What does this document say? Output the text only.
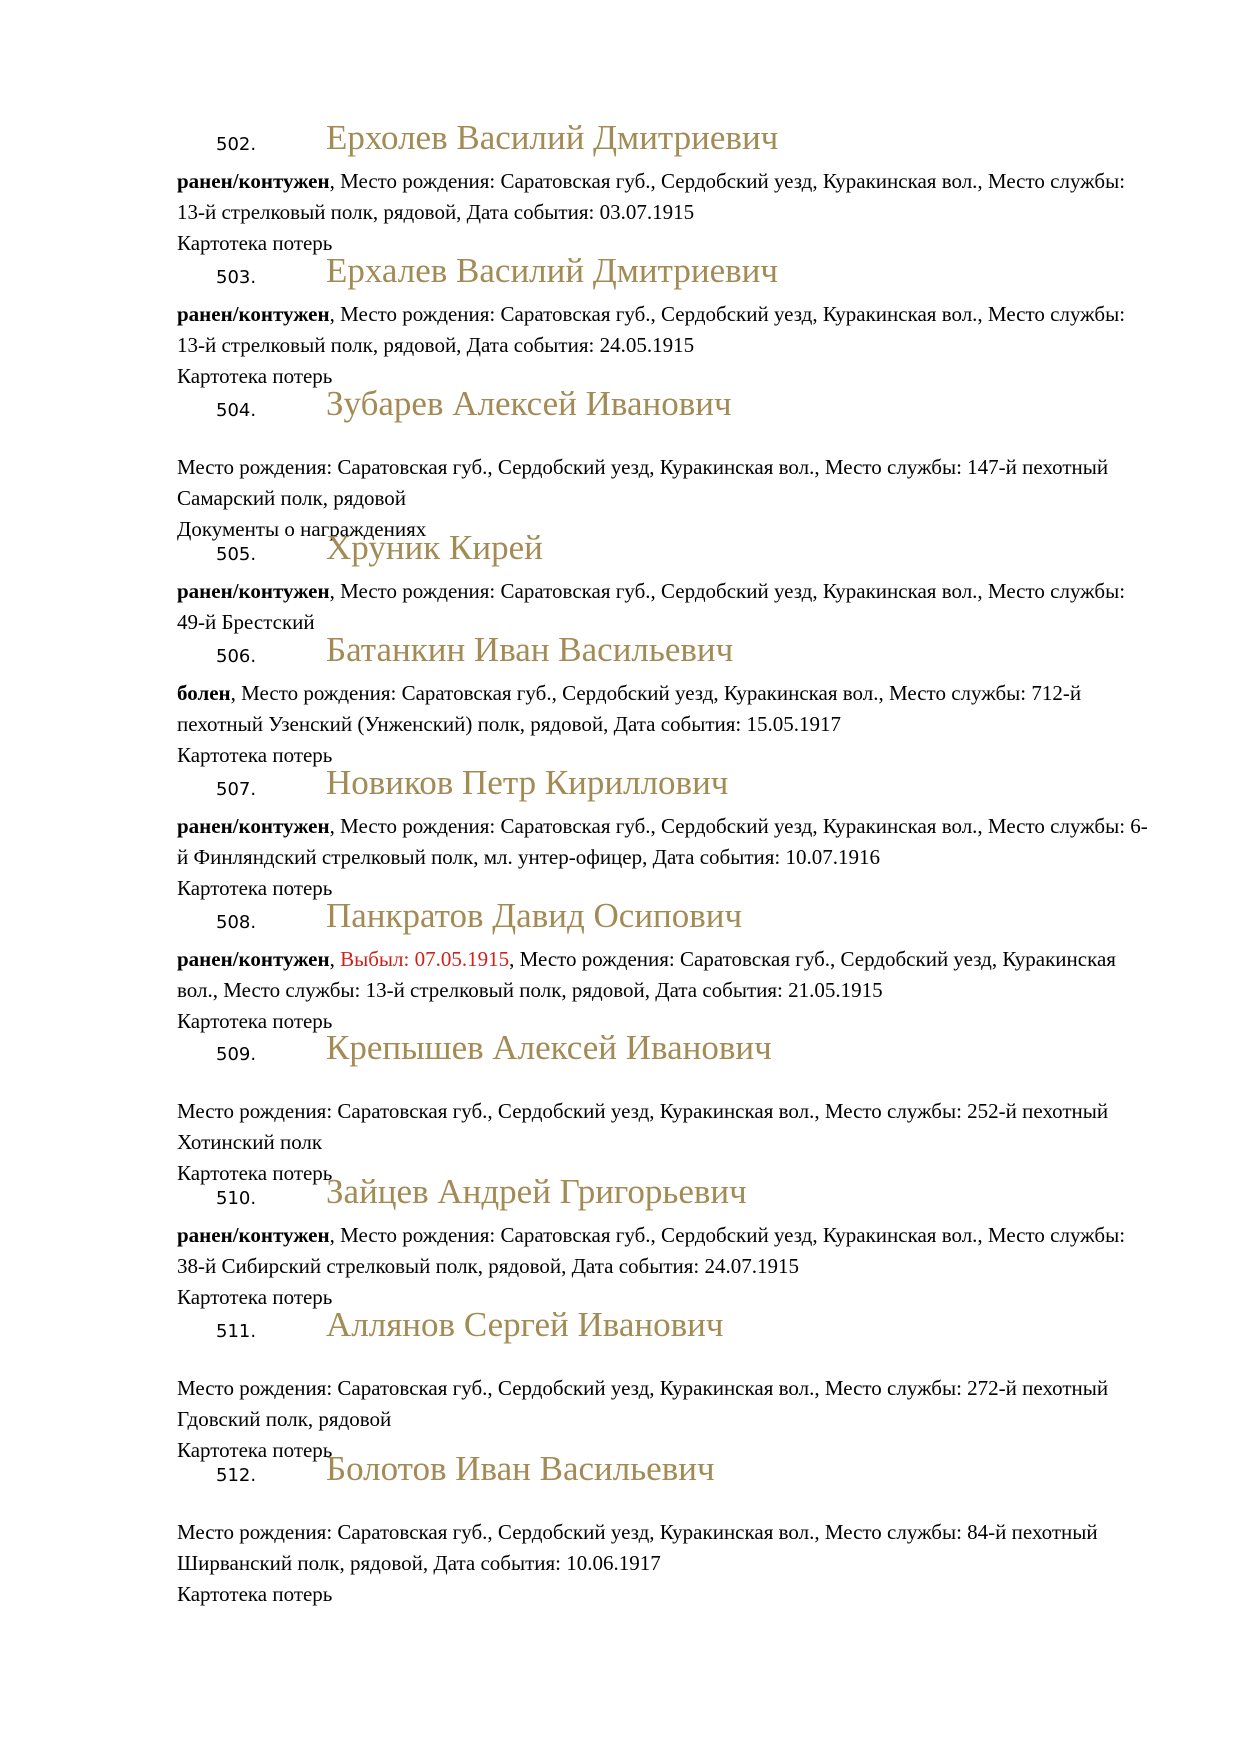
502. Ерхолев Василий Дмитриевич
ранен/контужен, Место рождения: Саратовская губ., Сердобский уезд, Куракинская вол., Место службы: 13-й стрелковый полк, рядовой, Дата события: 03.07.1915
Картотека потерь
503. Ерхалев Василий Дмитриевич
ранен/контужен, Место рождения: Саратовская губ., Сердобский уезд, Куракинская вол., Место службы: 13-й стрелковый полк, рядовой, Дата события: 24.05.1915
Картотека потерь
504. Зубарев Алексей Иванович
Место рождения: Саратовская губ., Сердобский уезд, Куракинская вол., Место службы: 147-й пехотный Самарский полк, рядовой
Документы о награждениях
505. Хруник Кирей
ранен/контужен, Место рождения: Саратовская губ., Сердобский уезд, Куракинская вол., Место службы: 49-й Брестский
506. Батанкин Иван Васильевич
болен, Место рождения: Саратовская губ., Сердобский уезд, Куракинская вол., Место службы: 712-й пехотный Узенский (Унженский) полк, рядовой, Дата события: 15.05.1917
Картотека потерь
507. Новиков Петр Кириллович
ранен/контужен, Место рождения: Саратовская губ., Сердобский уезд, Куракинская вол., Место службы: 6-й Финляндский стрелковый полк, мл. унтер-офицер, Дата события: 10.07.1916
Картотека потерь
508. Панкратов Давид Осипович
ранен/контужен, Выбыл: 07.05.1915, Место рождения: Саратовская губ., Сердобский уезд, Куракинская вол., Место службы: 13-й стрелковый полк, рядовой, Дата события: 21.05.1915
Картотека потерь
509. Крепышев Алексей Иванович
Место рождения: Саратовская губ., Сердобский уезд, Куракинская вол., Место службы: 252-й пехотный Хотинский полк
Картотека потерь
510. Зайцев Андрей Григорьевич
ранен/контужен, Место рождения: Саратовская губ., Сердобский уезд, Куракинская вол., Место службы: 38-й Сибирский стрелковый полк, рядовой, Дата события: 24.07.1915
Картотека потерь
511. Аллянов Сергей Иванович
Место рождения: Саратовская губ., Сердобский уезд, Куракинская вол., Место службы: 272-й пехотный Гдовский полк, рядовой
Картотека потерь
512. Болотов Иван Васильевич
Место рождения: Саратовская губ., Сердобский уезд, Куракинская вол., Место службы: 84-й пехотный Ширванский полк, рядовой, Дата события: 10.06.1917
Картотека потерь
